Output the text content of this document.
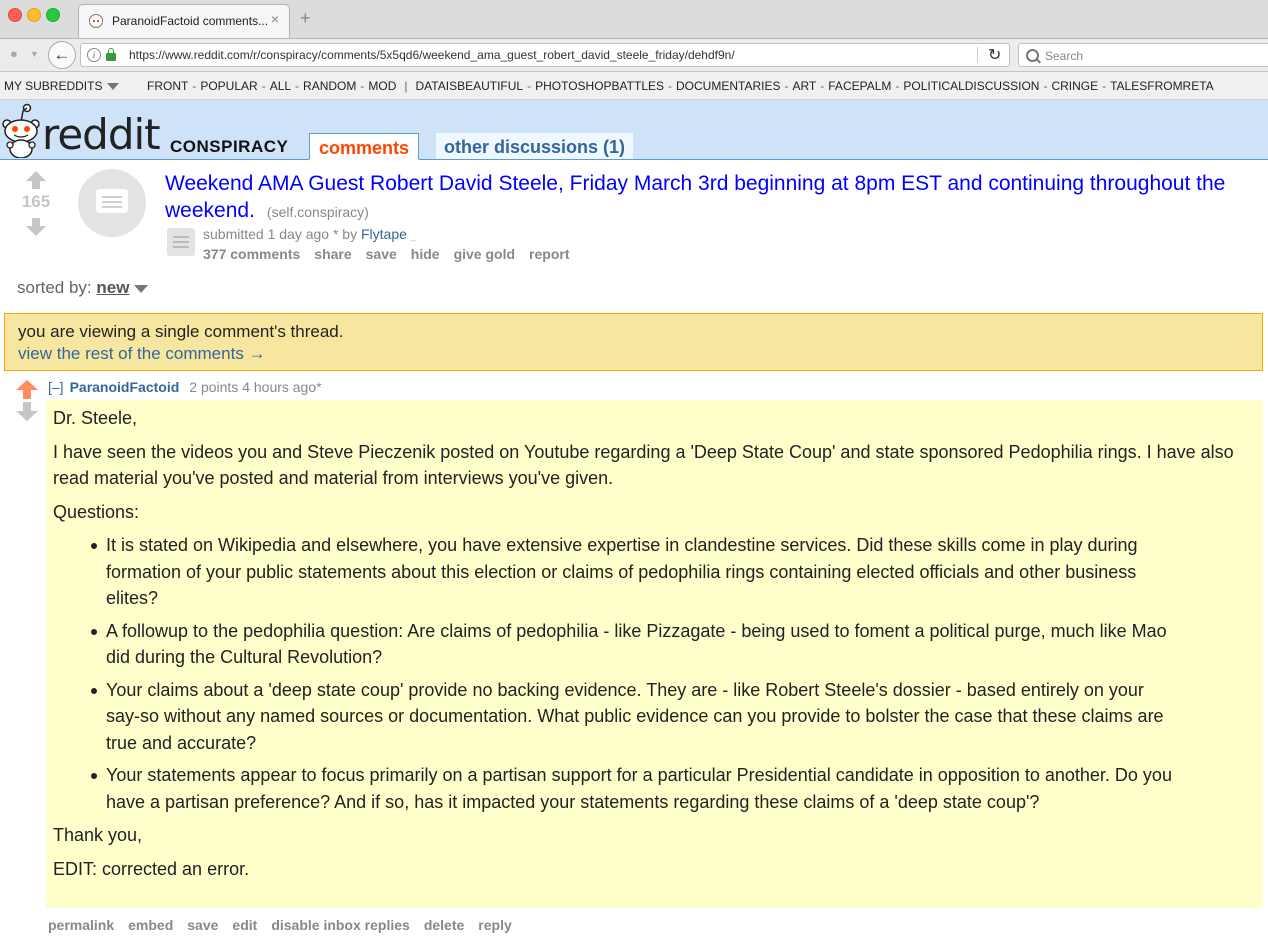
ParanoidFactoid comments... × +
● ▼ ←	i	https://www.reddit.com/r/conspiracy/comments/5x5qd6/weekend_ama_guest_robert_david_steele_friday/dehdf9n/	↻	Search
MY SUBREDDITS	FRONT - POPULAR - ALL - RANDOM - MOD | DATAISBEAUTIFUL - PHOTOSHOPBATTLES - DOCUMENTARIES - ART - FACEPALM - POLITICALDISCUSSION - CRINGE - TALESFROMRETA
reddit CONSPIRACY	comments	other discussions (1)
165
Weekend AMA Guest Robert David Steele, Friday March 3rd beginning at 8pm EST and continuing throughout the weekend. (self.conspiracy)
submitted 1 day ago * by Flytape _
377 comments share save hide give gold report
sorted by: new
you are viewing a single comment's thread.
view the rest of the comments →
[–] ParanoidFactoid 2 points 4 hours ago*

Dr. Steele,

I have seen the videos you and Steve Pieczenik posted on Youtube regarding a 'Deep State Coup' and state sponsored Pedophilia rings. I have also read material you've posted and material from interviews you've given.

Questions:

It is stated on Wikipedia and elsewhere, you have extensive expertise in clandestine services. Did these skills come in play during formation of your public statements about this election or claims of pedophilia rings containing elected officials and other business elites?
A followup to the pedophilia question: Are claims of pedophilia - like Pizzagate - being used to foment a political purge, much like Mao did during the Cultural Revolution?
Your claims about a 'deep state coup' provide no backing evidence. They are - like Robert Steele's dossier - based entirely on your say-so without any named sources or documentation. What public evidence can you provide to bolster the case that these claims are true and accurate?
Your statements appear to focus primarily on a partisan support for a particular Presidential candidate in opposition to another. Do you have a partisan preference? And if so, has it impacted your statements regarding these claims of a 'deep state coup'?

Thank you,

EDIT: corrected an error.

permalink embed save edit disable inbox replies delete reply
